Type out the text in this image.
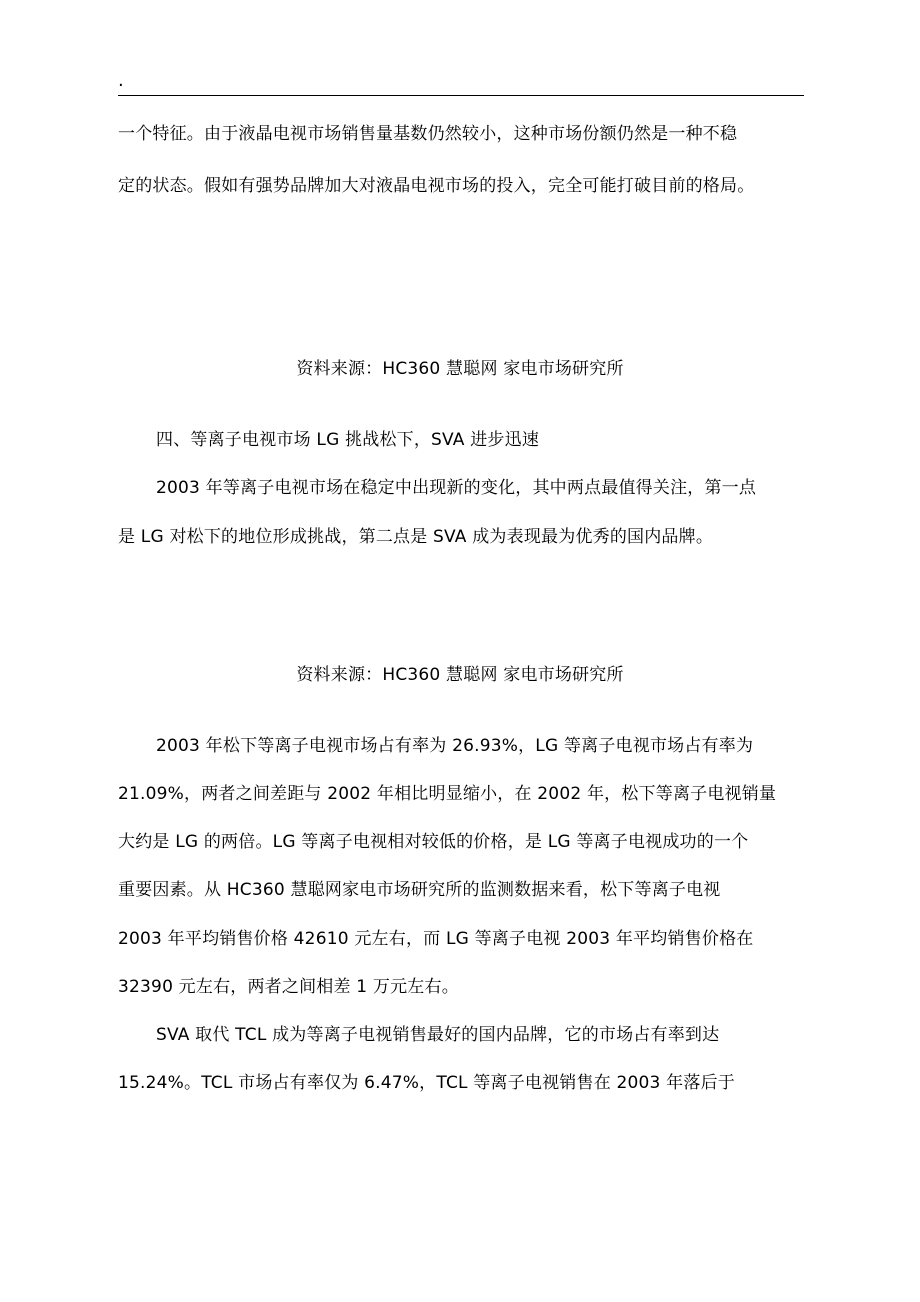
.
一个特征。由于液晶电视市场销售量基数仍然较小，这种市场份额仍然是一种不稳
定的状态。假如有强势品牌加大对液晶电视市场的投入，完全可能打破目前的格局。
资料来源：HC360 慧聪网 家电市场研究所
四、等离子电视市场 LG 挑战松下，SVA 进步迅速
2003 年等离子电视市场在稳定中出现新的变化，其中两点最值得关注，第一点
是 LG 对松下的地位形成挑战，第二点是 SVA 成为表现最为优秀的国内品牌。
资料来源：HC360 慧聪网 家电市场研究所
2003 年松下等离子电视市场占有率为 26.93%，LG 等离子电视市场占有率为
21.09%，两者之间差距与 2002 年相比明显缩小，在 2002 年，松下等离子电视销量
大约是 LG 的两倍。LG 等离子电视相对较低的价格，是 LG 等离子电视成功的一个
重要因素。从 HC360 慧聪网家电市场研究所的监测数据来看，松下等离子电视
2003 年平均销售价格 42610 元左右，而 LG 等离子电视 2003 年平均销售价格在
32390 元左右，两者之间相差 1 万元左右。
SVA 取代 TCL 成为等离子电视销售最好的国内品牌，它的市场占有率到达
15.24%。TCL 市场占有率仅为 6.47%，TCL 等离子电视销售在 2003 年落后于
